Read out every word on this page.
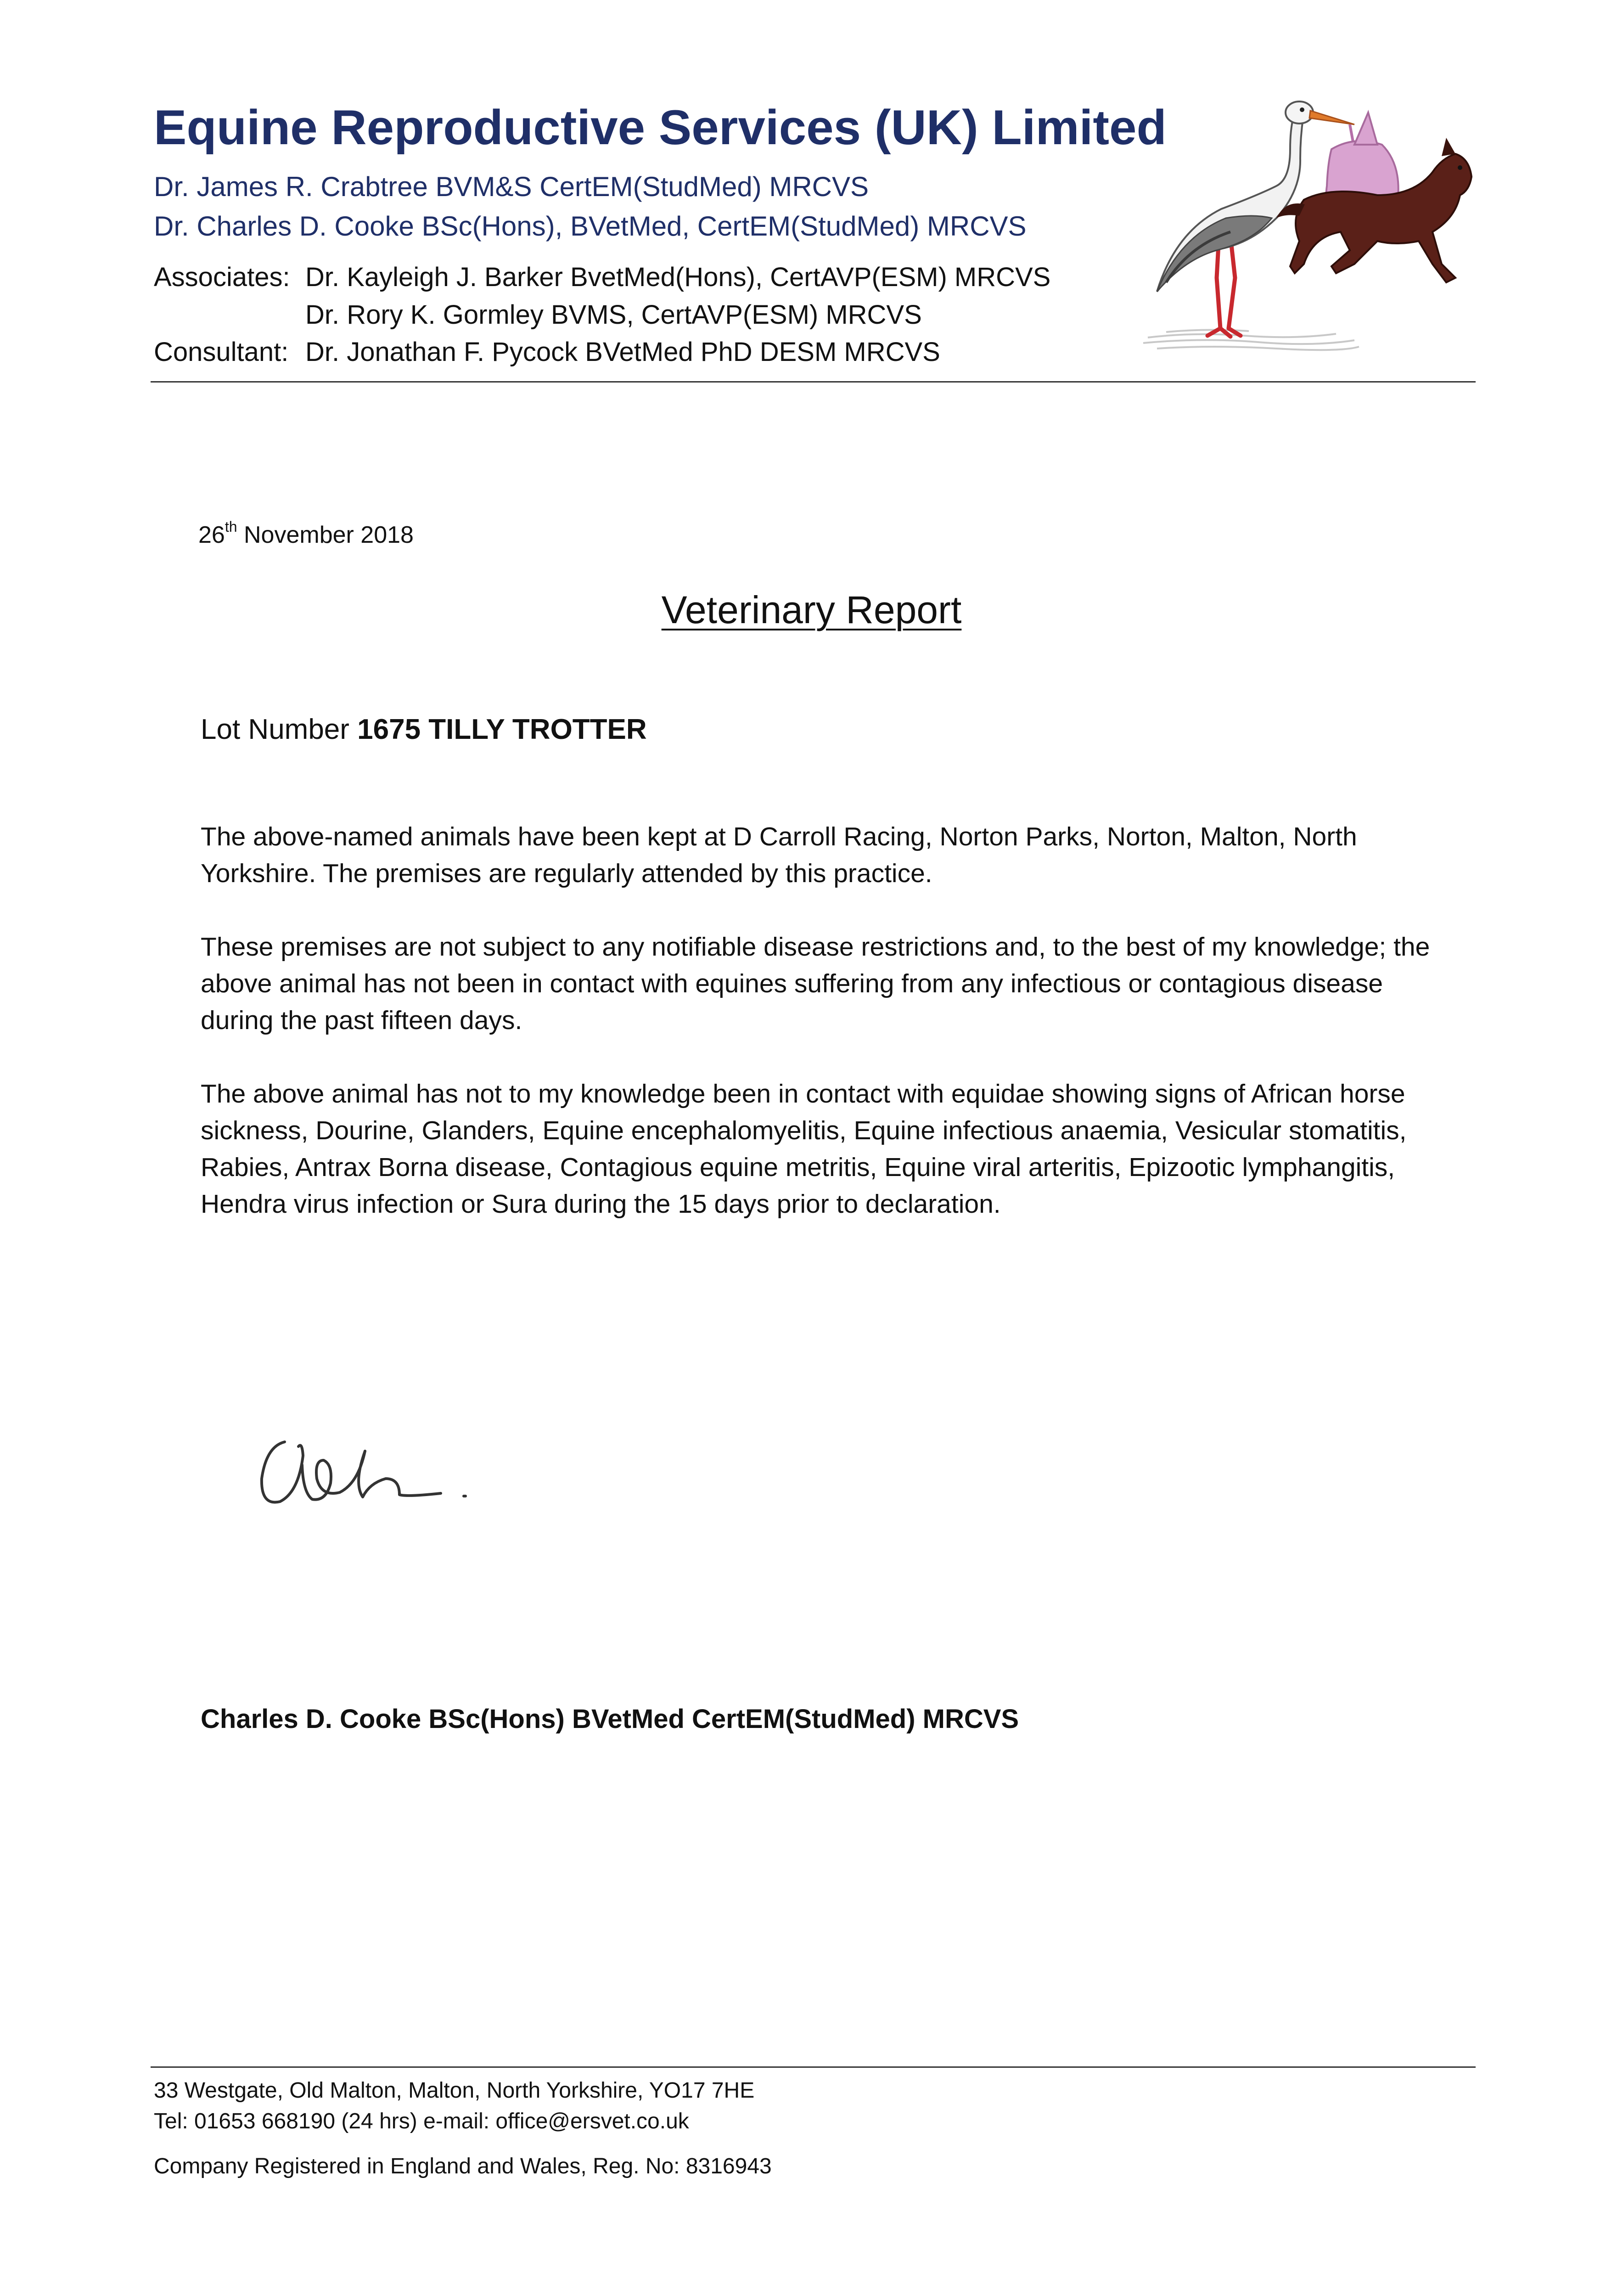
Equine Reproductive Services (UK) Limited
Dr. James R. Crabtree BVM&S CertEM(StudMed) MRCVS
Dr. Charles D. Cooke BSc(Hons), BVetMed, CertEM(StudMed) MRCVS
Associates: Dr. Kayleigh J. Barker BvetMed(Hons), CertAVP(ESM) MRCVS
Dr. Rory K. Gormley BVMS, CertAVP(ESM) MRCVS
Consultant: Dr. Jonathan F. Pycock BVetMed PhD DESM MRCVS
26th November 2018
Veterinary Report
Lot Number 1675 TILLY TROTTER
The above-named animals have been kept at D Carroll Racing, Norton Parks, Norton, Malton, North Yorkshire. The premises are regularly attended by this practice.
These premises are not subject to any notifiable disease restrictions and, to the best of my knowledge; the above animal has not been in contact with equines suffering from any infectious or contagious disease during the past fifteen days.
The above animal has not to my knowledge been in contact with equidae showing signs of African horse sickness, Dourine, Glanders, Equine encephalomyelitis, Equine infectious anaemia, Vesicular stomatitis, Rabies, Antrax Borna disease, Contagious equine metritis, Equine viral arteritis, Epizootic lymphangitis, Hendra virus infection or Sura during the 15 days prior to declaration.
Charles D. Cooke BSc(Hons) BVetMed CertEM(StudMed) MRCVS
33 Westgate, Old Malton, Malton, North Yorkshire, YO17 7HE
Tel: 01653 668190 (24 hrs) e-mail: office@ersvet.co.uk
Company Registered in England and Wales, Reg. No: 8316943
